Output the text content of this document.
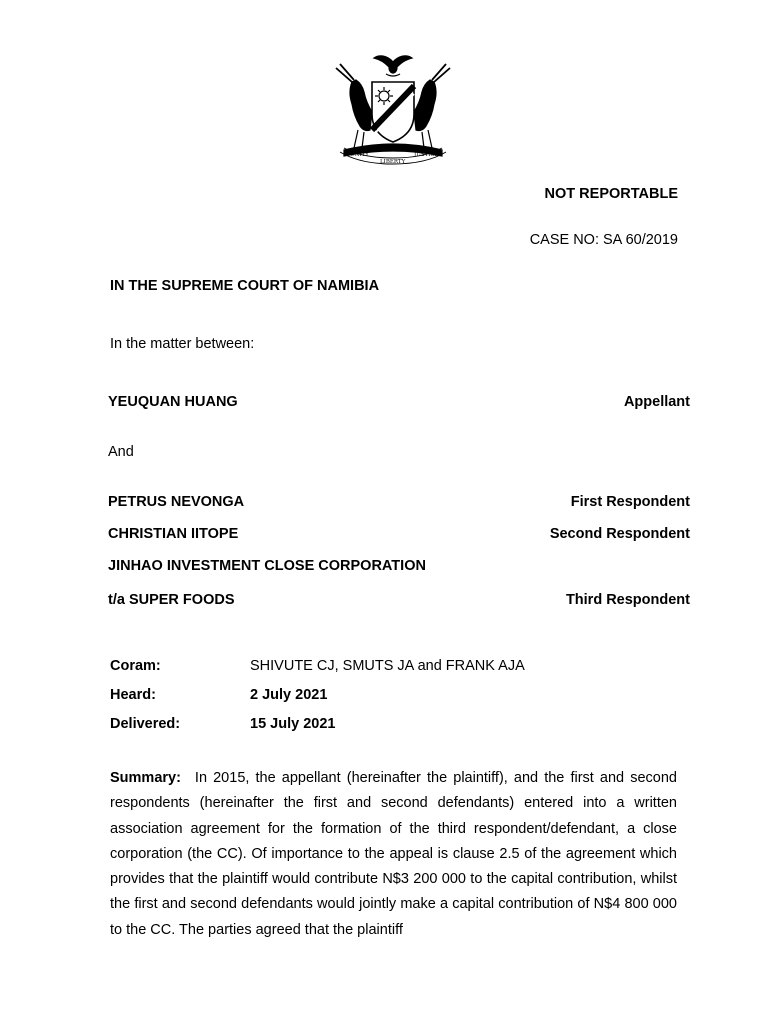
UNITY	JUSTICE
LIBERTY
NOT REPORTABLE
CASE NO: SA 60/2019
IN THE SUPREME COURT OF NAMIBIA
In the matter between:
YEUQUAN HUANG	Appellant
And
PETRUS NEVONGA	First Respondent
CHRISTIAN IITOPE	Second Respondent
JINHAO INVESTMENT CLOSE CORPORATION
t/a SUPER FOODS	Third Respondent
Coram:	SHIVUTE CJ, SMUTS JA and FRANK AJA
Heard:	2 July 2021
Delivered:	15 July 2021
Summary: In 2015, the appellant (hereinafter the plaintiff), and the first and second respondents (hereinafter the first and second defendants) entered into a written association agreement for the formation of the third respondent/defendant, a close corporation (the CC). Of importance to the appeal is clause 2.5 of the agreement which provides that the plaintiff would contribute N$3 200 000 to the capital contribution, whilst the first and second defendants would jointly make a capital contribution of N$4 800 000 to the CC. The parties agreed that the plaintiff
